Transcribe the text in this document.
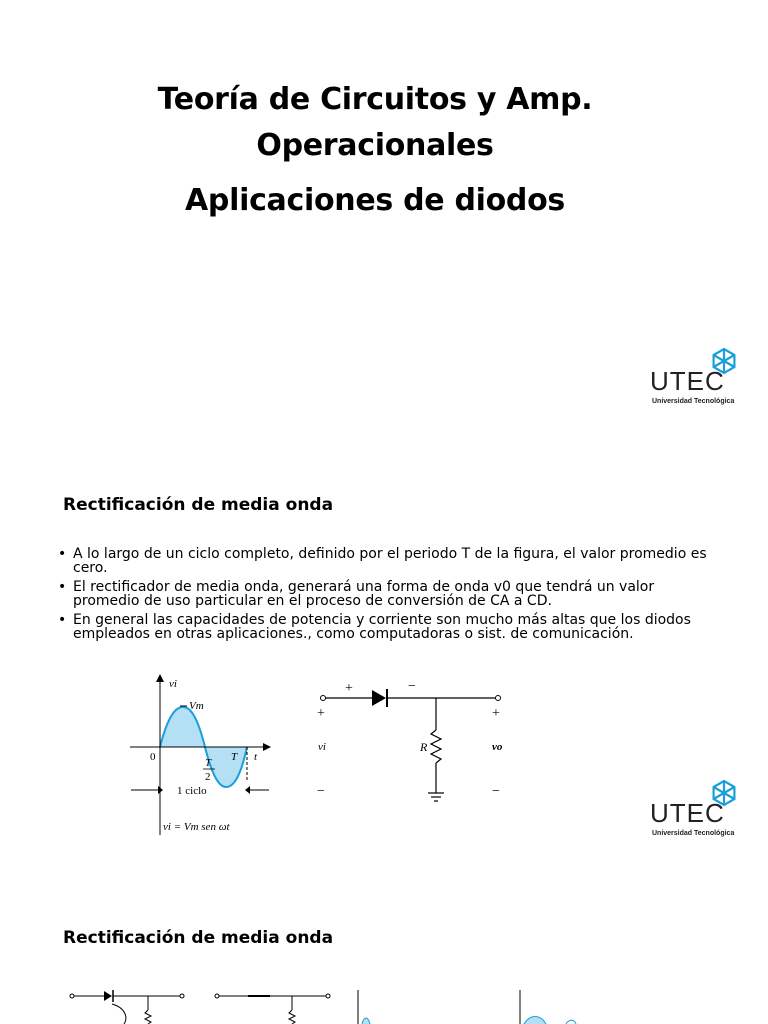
Teoría de Circuitos y Amp.
Operacionales
Aplicaciones de diodos
UTEC
Universidad Tecnológica
Rectificación de media onda
• A lo largo de un ciclo completo, definido por el periodo T de la figura, el valor promedio es cero.
• El rectificador de media onda, generará una forma de onda v0 que tendrá un valor promedio de uso particular en el proceso de conversión de CA a CD.
• En general las capacidades de potencia y corriente son mucho más altas que los diodos empleados en otras aplicaciones., como computadoras o sist. de comunicación.
vi
Vm
0	T
2
T t
1 ciclo
vi = Vm sen ωt
+	−
+	+
vi	R	vo
−	−
UTEC
Universidad Tecnológica
Rectificación de media onda
